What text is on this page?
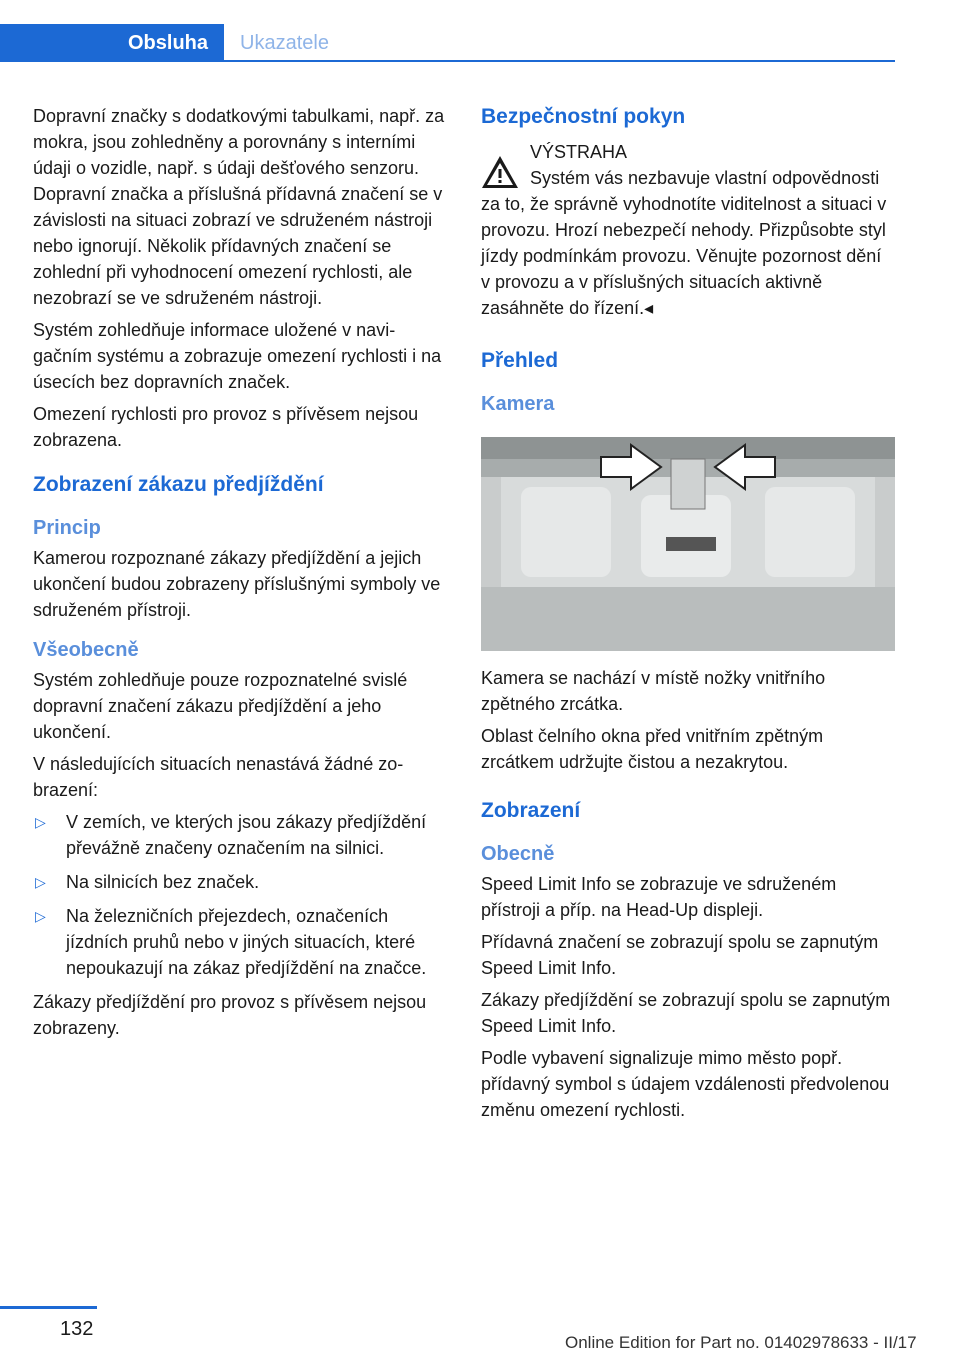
Obsluha	Ukazatele

Dopravní značky s dodatkovými tabulkami, např. za mokra, jsou zohledněny a porovnány s interními údaji o vozidle, např. s údaji dešťového senzoru. Dopravní značka a příslušná přídavná značení se v závislosti na situaci zobrazí ve sdruženém nástroji nebo ignorují. Několik přídavných značení se zohlední při vyhodnocení omezení rychlosti, ale nezobrazí se ve sdruženém nástroji.

Systém zohledňuje informace uložené v navigačním systému a zobrazuje omezení rychlosti i na úsecích bez dopravních značek.

Omezení rychlosti pro provoz s přívěsem nejsou zobrazena.

Zobrazení zákazu předjíždění
Princip

Kamerou rozpoznané zákazy předjíždění a jejich ukončení budou zobrazeny příslušnými symboly ve sdruženém přístroji.

Všeobecně

Systém zohledňuje pouze rozpoznatelné svislé dopravní značení zákazu předjíždění a jeho ukončení.

V následujících situacích nenastává žádné zobrazení:

▷ V zemích, ve kterých jsou zákazy předjíždění převážně značeny označením na silnici.
▷ Na silnicích bez značek.
▷ Na železničních přejezdech, označeních jízdních pruhů nebo v jiných situacích, které nepoukazují na zákaz předjíždění na značce.

Zákazy předjíždění pro provoz s přívěsem nejsou zobrazeny.

Bezpečnostní pokyn
VÝSTRAHA

Systém vás nezbavuje vlastní odpovědnosti za to, že správně vyhodnotíte viditelnost a situaci v provozu. Hrozí nebezpečí nehody. Přizpůsobte styl jízdy podmínkám provozu. Věnujte pozornost dění v provozu a v příslušných situacích aktivně zasáhněte do řízení.◂

Přehled
Kamera

Kamera se nachází v místě nožky vnitřního zpětného zrcátka.

Oblast čelního okna před vnitřním zpětným zrcátkem udržujte čistou a nezakrytou.

Zobrazení
Obecně

Speed Limit Info se zobrazuje ve sdruženém přístroji a příp. na Head-Up displeji.

Přídavná značení se zobrazují spolu se zapnutým Speed Limit Info.

Zákazy předjíždění se zobrazují spolu se zapnutým Speed Limit Info.

Podle vybavení signalizuje mimo město popř. přídavný symbol s údajem vzdálenosti předvolenou změnu omezení rychlosti.

132
Online Edition for Part no. 01402978633 - II/17
